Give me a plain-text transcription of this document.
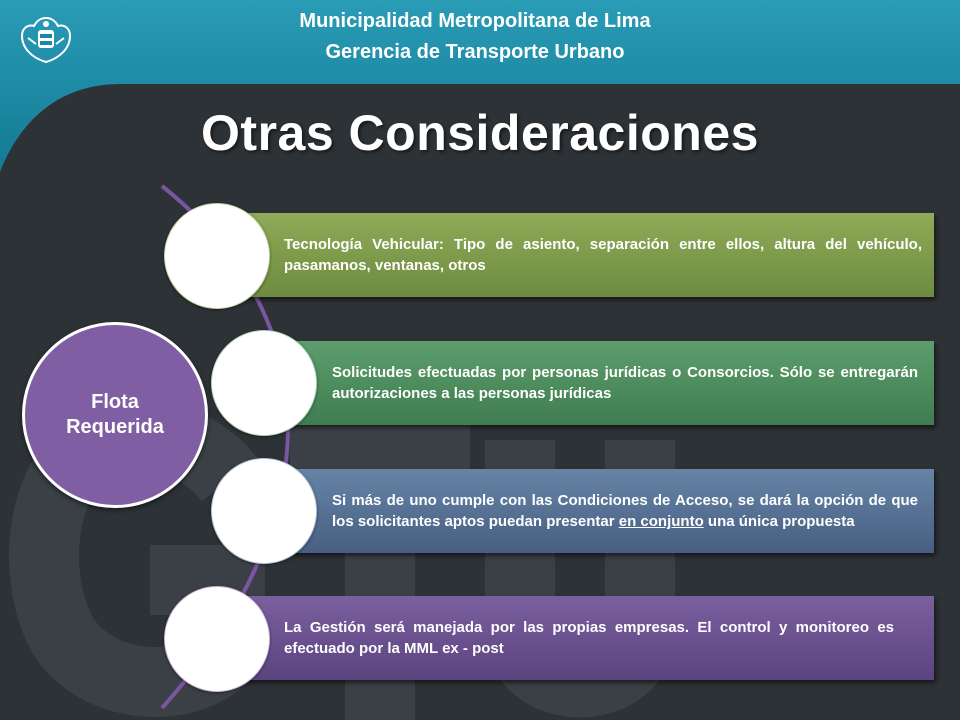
Municipalidad Metropolitana de Lima
Gerencia de Transporte Urbano
Otras Consideraciones
Tecnología Vehicular: Tipo de asiento, separación entre ellos, altura del vehículo, pasamanos, ventanas, otros
Solicitudes efectuadas por personas jurídicas o Consorcios. Sólo se entregarán autorizaciones a las personas jurídicas
Si más de uno cumple con las Condiciones de Acceso, se dará la opción de que los solicitantes aptos puedan presentar en conjunto una única propuesta
La Gestión será manejada por las propias empresas. El control y monitoreo es efectuado por la MML ex - post
Flota Requerida
